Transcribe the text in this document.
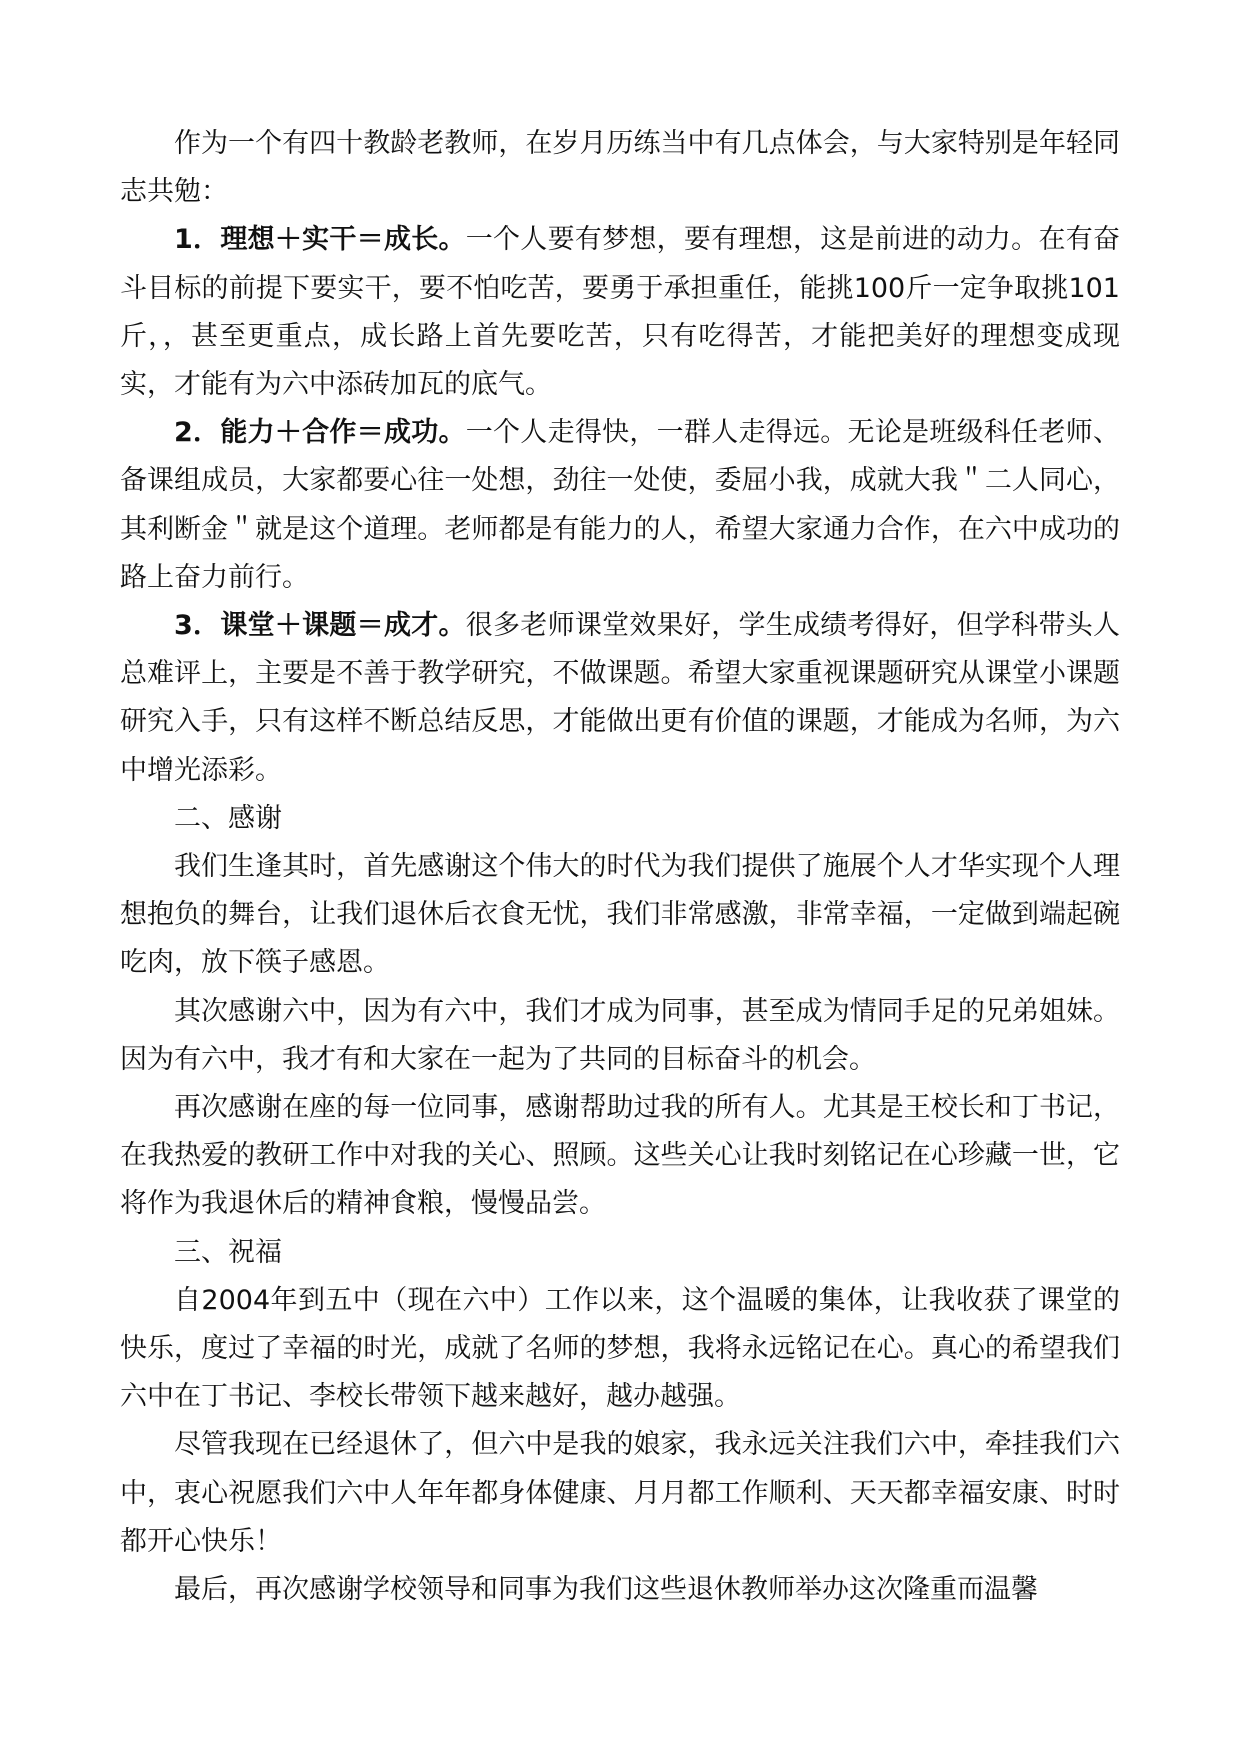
作为一个有四十教龄老教师，在岁月历练当中有几点体会，与大家特别是年轻同志共勉：

1．理想＋实干＝成长。一个人要有梦想，要有理想，这是前进的动力。在有奋斗目标的前提下要实干，要不怕吃苦，要勇于承担重任，能挑100斤一定争取挑101斤，，甚至更重点，成长路上首先要吃苦，只有吃得苦，才能把美好的理想变成现实，才能有为六中添砖加瓦的底气。

2．能力＋合作＝成功。一个人走得快，一群人走得远。无论是班级科任老师、备课组成员，大家都要心往一处想，劲往一处使，委屈小我，成就大我＂二人同心，其利断金＂就是这个道理。老师都是有能力的人，希望大家通力合作，在六中成功的路上奋力前行。

3．课堂＋课题＝成才。很多老师课堂效果好，学生成绩考得好，但学科带头人总难评上，主要是不善于教学研究，不做课题。希望大家重视课题研究从课堂小课题研究入手，只有这样不断总结反思，才能做出更有价值的课题，才能成为名师，为六中增光添彩。

二、感谢

我们生逢其时，首先感谢这个伟大的时代为我们提供了施展个人才华实现个人理想抱负的舞台，让我们退休后衣食无忧，我们非常感激，非常幸福，一定做到端起碗吃肉，放下筷子感恩。

其次感谢六中，因为有六中，我们才成为同事，甚至成为情同手足的兄弟姐妹。因为有六中，我才有和大家在一起为了共同的目标奋斗的机会。

再次感谢在座的每一位同事，感谢帮助过我的所有人。尤其是王校长和丁书记，在我热爱的教研工作中对我的关心、照顾。这些关心让我时刻铭记在心珍藏一世，它将作为我退休后的精神食粮，慢慢品尝。

三、祝福

自2004年到五中（现在六中）工作以来，这个温暖的集体，让我收获了课堂的快乐，度过了幸福的时光，成就了名师的梦想，我将永远铭记在心。真心的希望我们六中在丁书记、李校长带领下越来越好，越办越强。

尽管我现在已经退休了，但六中是我的娘家，我永远关注我们六中，牵挂我们六中，衷心祝愿我们六中人年年都身体健康、月月都工作顺利、天天都幸福安康、时时都开心快乐！

最后，再次感谢学校领导和同事为我们这些退休教师举办这次隆重而温馨
